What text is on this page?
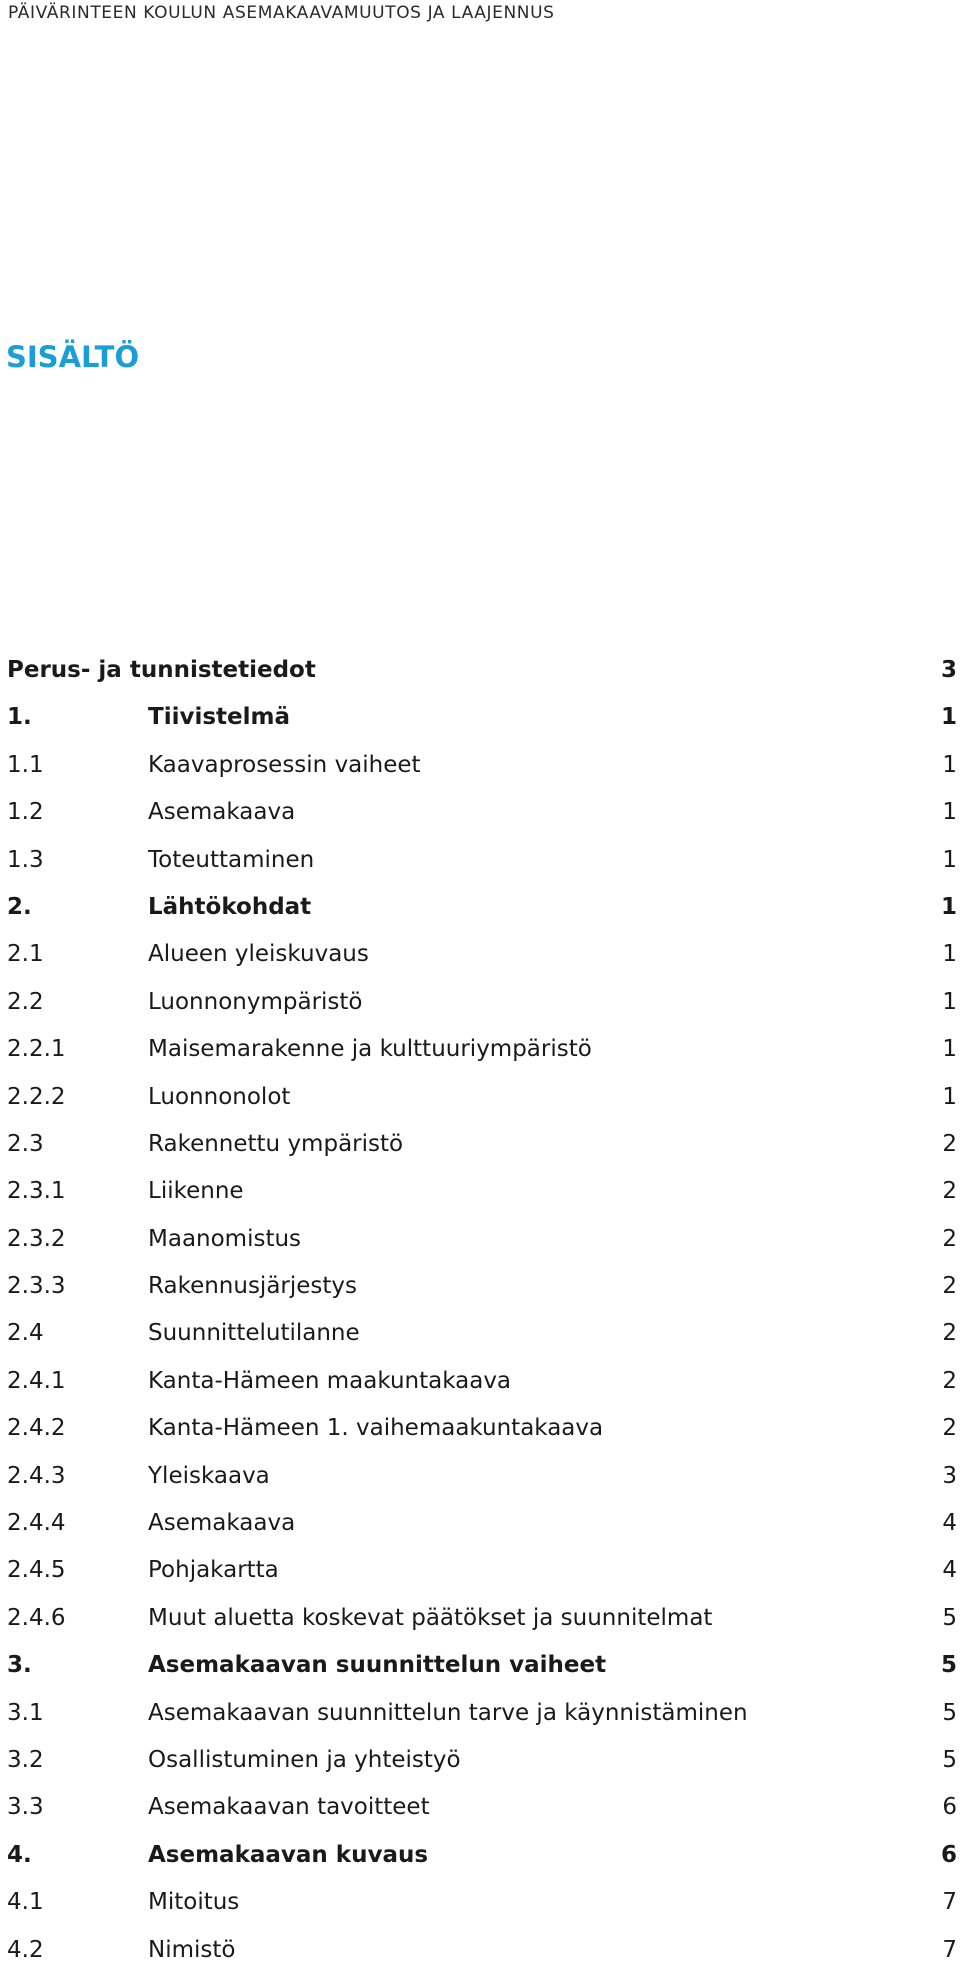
PÄIVÄRINTEEN KOULUN ASEMAKAAVAMUUTOS JA LAAJENNUS
SISÄLTÖ
Perus- ja tunnistetiedot	3
1.	Tiivistelmä	1
1.1	Kaavaprosessin vaiheet	1
1.2	Asemakaava	1
1.3	Toteuttaminen	1
2.	Lähtökohdat	1
2.1	Alueen yleiskuvaus	1
2.2	Luonnonympäristö	1
2.2.1	Maisemarakenne ja kulttuuriympäristö	1
2.2.2	Luonnonolot	1
2.3	Rakennettu ympäristö	2
2.3.1	Liikenne	2
2.3.2	Maanomistus	2
2.3.3	Rakennusjärjestys	2
2.4	Suunnittelutilanne	2
2.4.1	Kanta-Hämeen maakuntakaava	2
2.4.2	Kanta-Hämeen 1. vaihemaakuntakaava	2
2.4.3	Yleiskaava	3
2.4.4	Asemakaava	4
2.4.5	Pohjakartta	4
2.4.6	Muut aluetta koskevat päätökset ja suunnitelmat	5
3.	Asemakaavan suunnittelun vaiheet	5
3.1	Asemakaavan suunnittelun tarve ja käynnistäminen	5
3.2	Osallistuminen ja yhteistyö	5
3.3	Asemakaavan tavoitteet	6
4.	Asemakaavan kuvaus	6
4.1	Mitoitus	7
4.2	Nimistö	7
